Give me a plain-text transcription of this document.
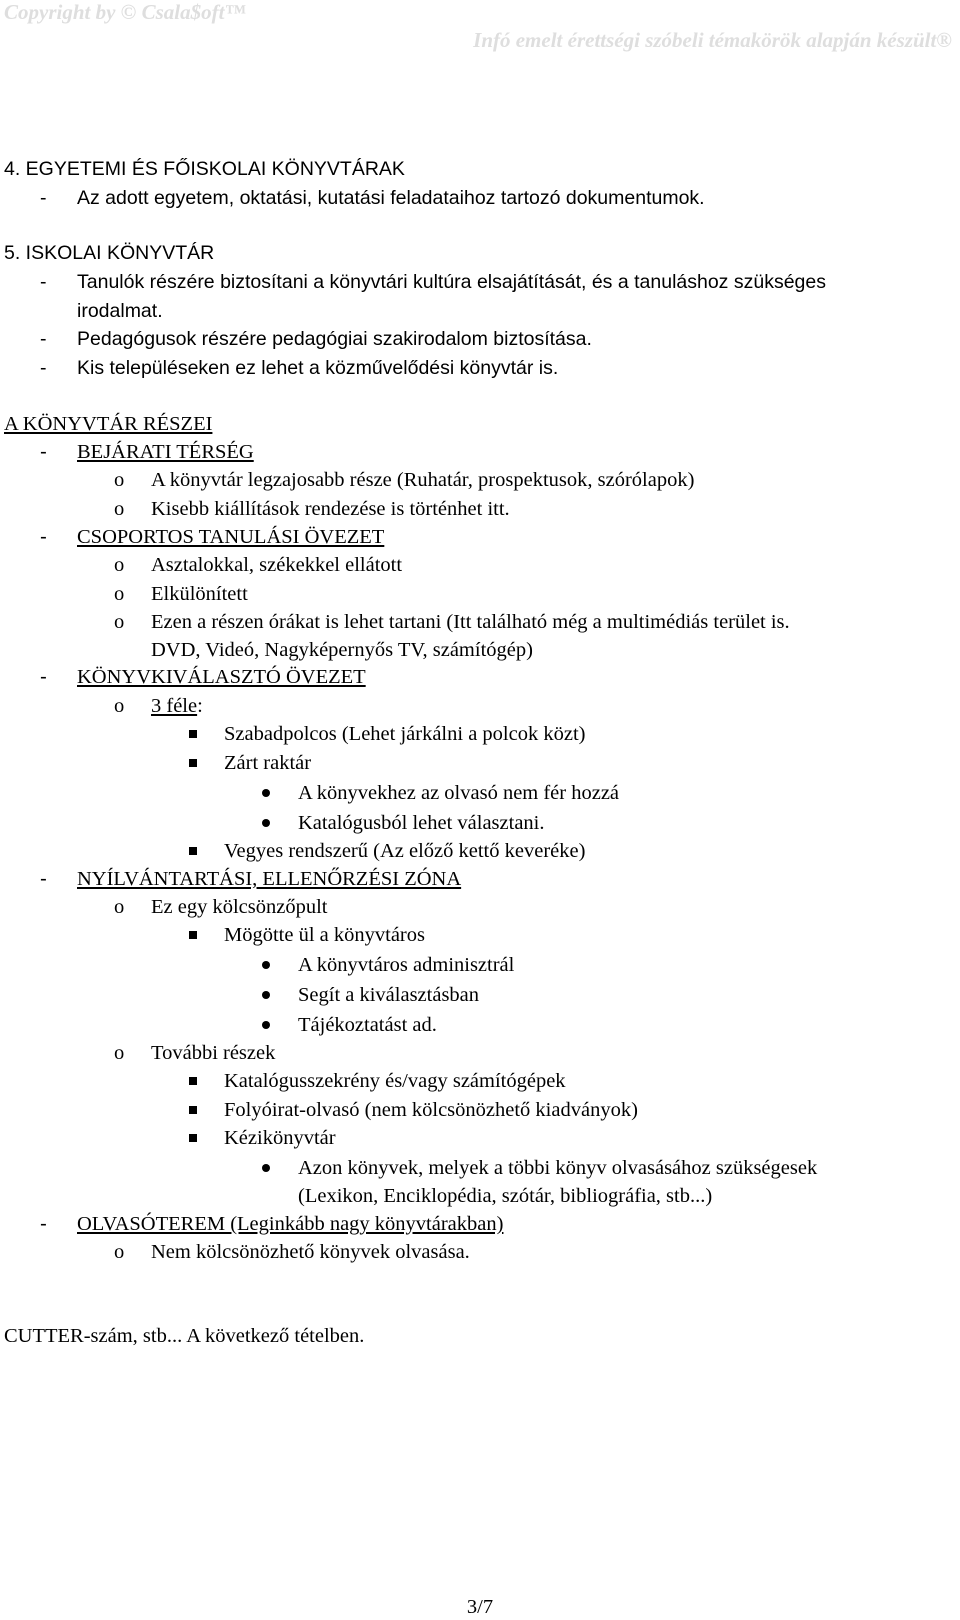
Copyright by © Csala$oft™
Infó emelt érettségi szóbeli témakörök alapján készült®
4. EGYETEMI ÉS FŐISKOLAI KÖNYVTÁRAK
- Az adott egyetem, oktatási, kutatási feladataihoz tartozó dokumentumok.
5. ISKOLAI KÖNYVTÁR
- Tanulók részére biztosítani a könyvtári kultúra elsajátítását, és a tanuláshoz szükséges
irodalmat.
- Pedagógusok részére pedagógiai szakirodalom biztosítása.
- Kis településeken ez lehet a közművelődési könyvtár is.
A KÖNYVTÁR RÉSZEI
- BEJÁRATI TÉRSÉG
o A könyvtár legzajosabb része (Ruhatár, prospektusok, szórólapok)
o Kisebb kiállítások rendezése is történhet itt.
- CSOPORTOS TANULÁSI ÖVEZET
o Asztalokkal, székekkel ellátott
o Elkülönített
o Ezen a részen órákat is lehet tartani (Itt található még a multimédiás terület is.
DVD, Videó, Nagyképernyős TV, számítógép)
- KÖNYVKIVÁLASZTÓ ÖVEZET
o 3 féle:
Szabadpolcos (Lehet járkálni a polcok közt)
Zárt raktár
A könyvekhez az olvasó nem fér hozzá
Katalógusból lehet választani.
Vegyes rendszerű (Az előző kettő keveréke)
- NYÍLVÁNTARTÁSI, ELLENŐRZÉSI ZÓNA
o Ez egy kölcsönzőpult
Mögötte ül a könyvtáros
A könyvtáros adminisztrál
Segít a kiválasztásban
Tájékoztatást ad.
o További részek
Katalógusszekrény és/vagy számítógépek
Folyóirat-olvasó (nem kölcsönözhető kiadványok)
Kézikönyvtár
Azon könyvek, melyek a többi könyv olvasásához szükségesek
(Lexikon, Enciklopédia, szótár, bibliográfia, stb...)
- OLVASÓTEREM (Leginkább nagy könyvtárakban)
o Nem kölcsönözhető könyvek olvasása.
CUTTER-szám, stb... A következő tételben.
3/7
